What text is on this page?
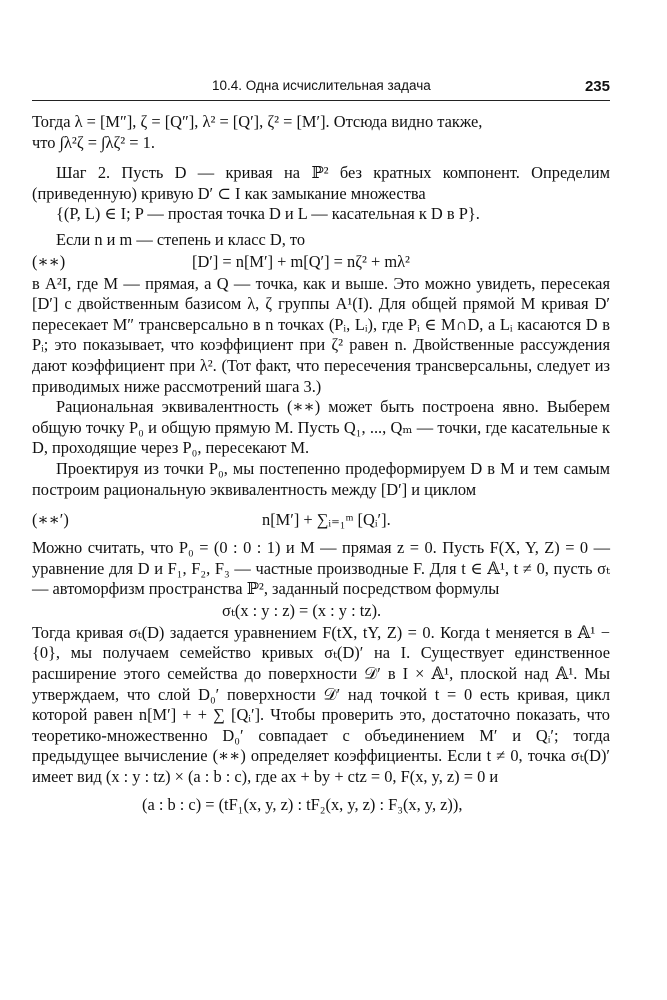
10.4. Одна исчислительная задача	235

Тогда λ = [M″], ζ = [Q″], λ² = [Q′], ζ² = [M′]. Отсюда видно также,

что ∫λ²ζ = ∫λζ² = 1.

Шаг 2. Пусть D — кривая на ℙ² без кратных компонент. Определим (приведенную) кривую D′ ⊂ I как замыкание множества

{(P, L) ∈ I; P — простая точка D и L — касательная к D в P}.

Если n и m — степень и класс D, то

(∗∗)	[D′] = n[M′] + m[Q′] = nζ² + mλ²

в A²I, где M — прямая, а Q — точка, как и выше. Это можно увидеть, пересекая [D′] с двойственным базисом λ, ζ группы A¹(I). Для общей прямой M кривая D′ пересекает M″ трансверсально в n точках (Pᵢ, Lᵢ), где Pᵢ ∈ M∩D, а Lᵢ касаются D в Pᵢ; это показывает, что коэффициент при ζ² равен n. Двойственные рассуждения дают коэффициент при λ². (Тот факт, что пересечения трансверсальны, следует из приводимых ниже рассмотрений шага 3.)

Рациональная эквивалентность (∗∗) может быть построена явно. Выберем общую точку P₀ и общую прямую M. Пусть Q₁, ..., Qₘ — точки, где касательные к D, проходящие через P₀, пересекают M.

Проектируя из точки P₀, мы постепенно продеформируем D в M и тем самым построим рациональную эквивалентность между [D′] и циклом

(∗∗′)	n[M′] + ∑ᵢ₌₁ᵐ [Qᵢ′].

Можно считать, что P₀ = (0 : 0 : 1) и M — прямая z = 0. Пусть F(X, Y, Z) = 0 — уравнение для D и F₁, F₂, F₃ — частные производные F. Для t ∈ 𝔸¹, t ≠ 0, пусть σₜ — автоморфизм пространства ℙ², заданный посредством формулы

σₜ(x : y : z) = (x : y : tz).

Тогда кривая σₜ(D) задается уравнением F(tX, tY, Z) = 0. Когда t меняется в 𝔸¹ − {0}, мы получаем семейство кривых σₜ(D)′ на I. Существует единственное расширение этого семейства до поверхности 𝒟′ в I × 𝔸¹, плоской над 𝔸¹. Мы утверждаем, что слой D₀′ поверхности 𝒟′ над точкой t = 0 есть кривая, цикл которой равен n[M′] + + ∑ [Qᵢ′]. Чтобы проверить это, достаточно показать, что теоретико-множественно D₀′ совпадает с объединением M′ и Qᵢ′; тогда предыдущее вычисление (∗∗) определяет коэффициенты. Если t ≠ 0, точка σₜ(D)′ имеет вид (x : y : tz) × (a : b : c), где ax + by + ctz = 0, F(x, y, z) = 0 и

(a : b : c) = (tF₁(x, y, z) : tF₂(x, y, z) : F₃(x, y, z)),
